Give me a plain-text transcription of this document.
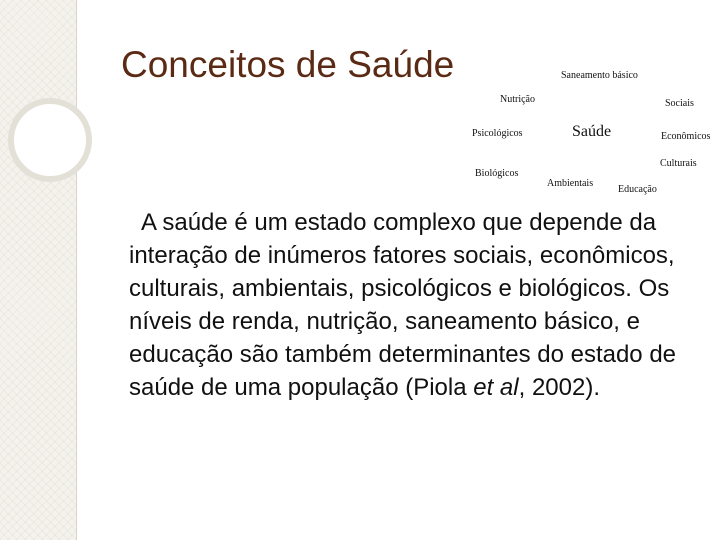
Conceitos de Saúde	Saneamento básico
Nutrição	Sociais
Psicológicos	Saúde	Econômicos
Culturais
Biológicos
Ambientais
Educação

A saúde é um estado complexo que depende da interação de inúmeros fatores sociais, econômicos, culturais, ambientais, psicológicos e biológicos. Os níveis de renda, nutrição, saneamento básico, e educação são também determinantes do estado de saúde de uma população (Piola et al, 2002).
